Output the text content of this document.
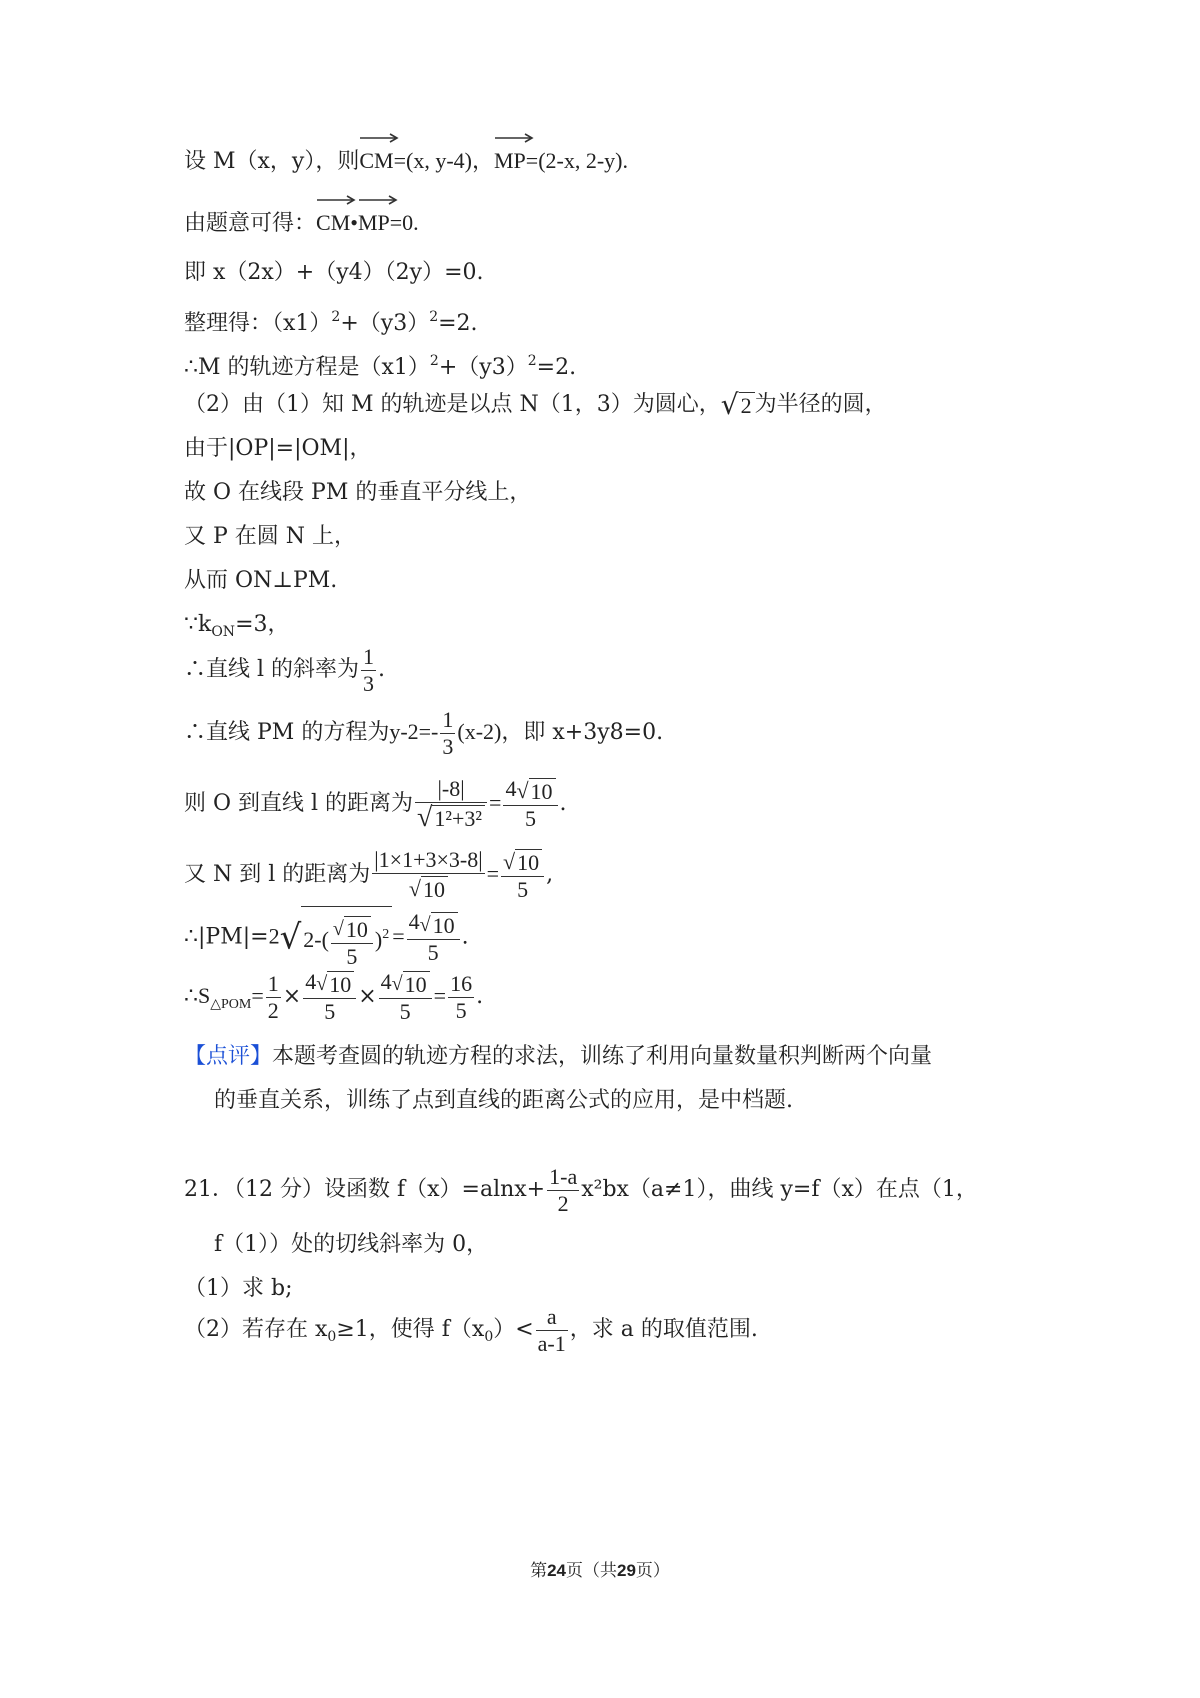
设 M（x，y），则
CM=(x, y-4)，
MP=(2-x, 2-y).
由题意可得：
CM•
MP=0.
即 x（2x）+（y4）（2y）=0.
整理得：$(x1)^2+(y3)^2=2$.
∴M 的轨迹方程是$(x1)^2+(y3)^2=2$.
（2）由（1）知 M 的轨迹是以点 N（1，3）为圆心，√2 为半径的圆，
由于|OP|=|OM|，
故 O 在线段 PM 的垂直平分线上，
又 P 在圆 N 上，
从而 ON⊥PM.
$\because k_{ON}=3$，
∴直线 l 的斜率为 $\frac{1}{3}$ .
∴直线 PM 的方程为$y-2=- \frac{1}{3} (x-2)$，即 x+3y8=0.
则 O 到直线 l 的距离为 $\frac{|-8|}{\text{√1²+3²}} = \frac{4√10}{5}$ .
又 N 到 l 的距离为 $\frac{|1\times 1+3\times 3-8|}{√10} = \frac{√10}{5}$ ,
∴|PM|=2√2-( $\frac{√10}{5} )^2 = \frac{4√10}{5}$ .
$\therefore S_{\triangle POM}= \frac{1}{2} \times \frac{4√10}{5} \times \frac{4√10}{5} = \frac{16}{5}$ .
【点评】本题考查圆的轨迹方程的求法，训练了利用向量数量积判断两个向量
的垂直关系，训练了点到直线的距离公式的应用，是中档题.
21．（12 分）设函数 $f(x)=alnx+ \frac{1-a}{2} x^2bx(a\ne 1)$，曲线 y=f（x）在点（1，
f（1））处的切线斜率为 0，
（1）求 b;
（2）若存在 $x_0\ge 1$，使得 $f(x_0)< \frac{a}{a-1}$ ，求 a 的取值范围.
第24页（共29页）
